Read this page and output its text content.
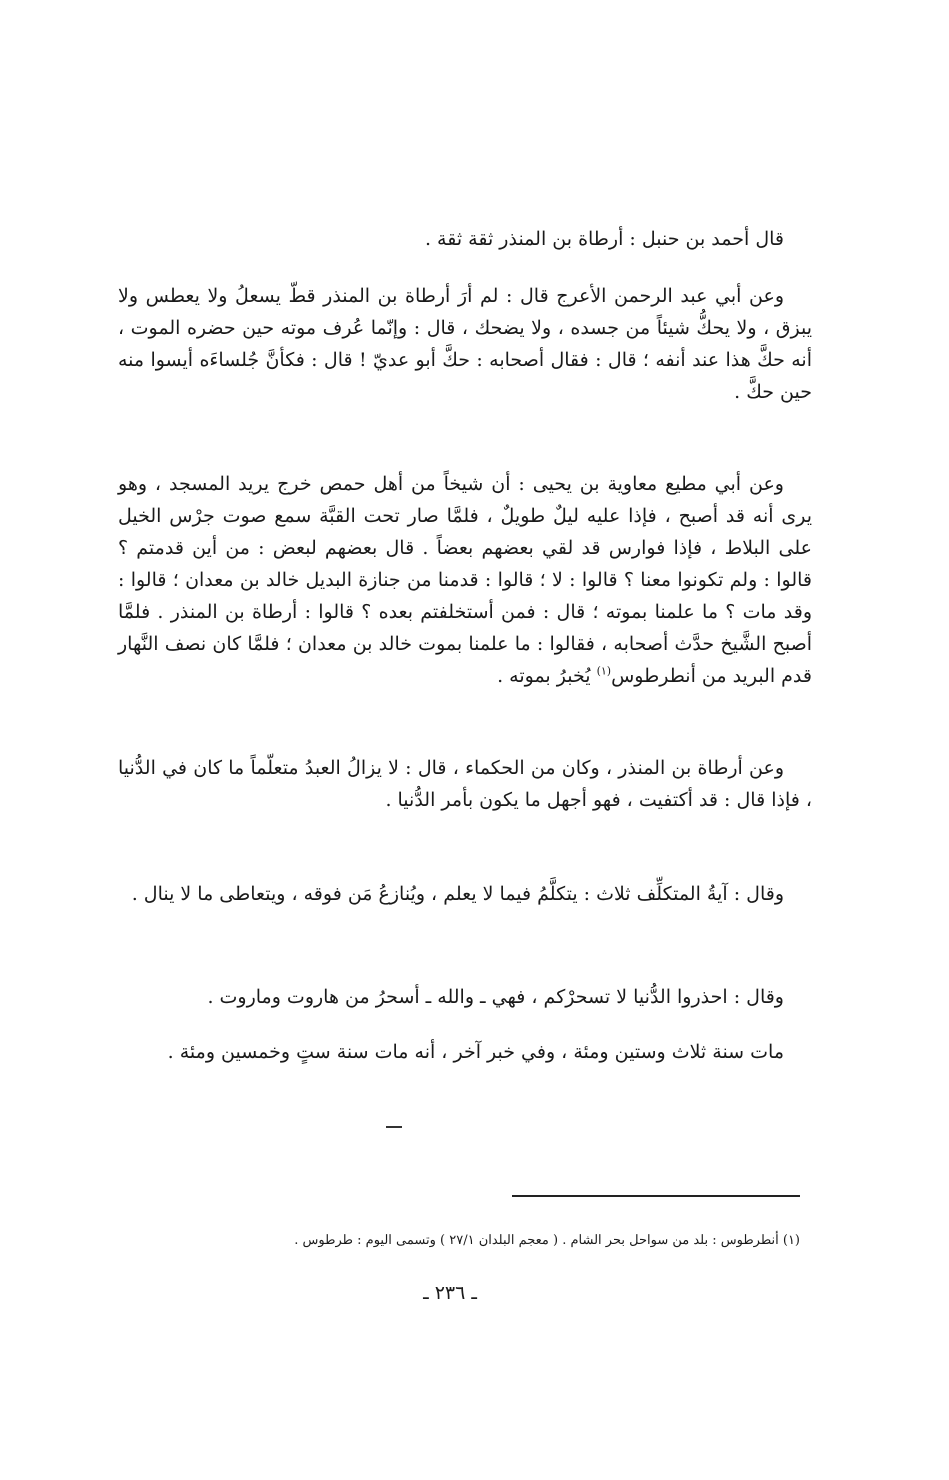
قال أحمد بن حنبل : أرطاة بن المنذر ثقة ثقة .

وعن أبي عبد الرحمن الأعرج قال : لم أرَ أرطاة بن المنذر قطّ يسعلُ ولا يعطس ولا يبزق ، ولا يحكُّ شيئاً من جسده ، ولا يضحك ، قال : وإنّما عُرف موته حين حضره الموت ، أنه حكَّ هذا عند أنفه ؛ قال : فقال أصحابه : حكَّ أبو عديّ ! قال : فكأنَّ جُلساءَه أيسوا منه حين حكَّ .

وعن أبي مطيع معاوية بن يحيى : أن شيخاً من أهل حمص خرج يريد المسجد ، وهو يرى أنه قد أصبح ، فإذا عليه ليلٌ طويلٌ ، فلمَّا صار تحت القبَّة سمع صوت جرْس الخيل على البلاط ، فإذا فوارس قد لقي بعضهم بعضاً . قال بعضهم لبعض : من أين قدمتم ؟ قالوا : ولم تكونوا معنا ؟ قالوا : لا ؛ قالوا : قدمنا من جنازة البديل خالد بن معدان ؛ قالوا : وقد مات ؟ ما علمنا بموته ؛ قال : فمن أستخلفتم بعده ؟ قالوا : أرطاة بن المنذر . فلمَّا أصبح الشَّيخ حدَّث أصحابه ، فقالوا : ما علمنا بموت خالد بن معدان ؛ فلمَّا كان نصف النَّهار قدم البريد من أنطرطوس$^{(١)}$ يُخبرُ بموته .

وعن أرطاة بن المنذر ، وكان من الحكماء ، قال : لا يزالُ العبدُ متعلّماً ما كان في الدُّنيا ، فإذا قال : قد أكتفيت ، فهو أجهل ما يكون بأمر الدُّنيا .

وقال : آيةُ المتكلِّف ثلاث : يتكلَّمُ فيما لا يعلم ، ويُنازعُ مَن فوقه ، ويتعاطى ما لا ينال .

وقال : احذروا الدُّنيا لا تسحرْكم ، فهي ـ والله ـ أسحرُ من هاروت وماروت .

مات سنة ثلاث وستين ومئة ، وفي خبر آخر ، أنه مات سنة ستٍ وخمسين ومئة .

(١) أنطرطوس : بلد من سواحل بحر الشام . ( معجم البلدان ٢٧/١ ) وتسمى اليوم : طرطوس .
ـ ٢٣٦ ـ
